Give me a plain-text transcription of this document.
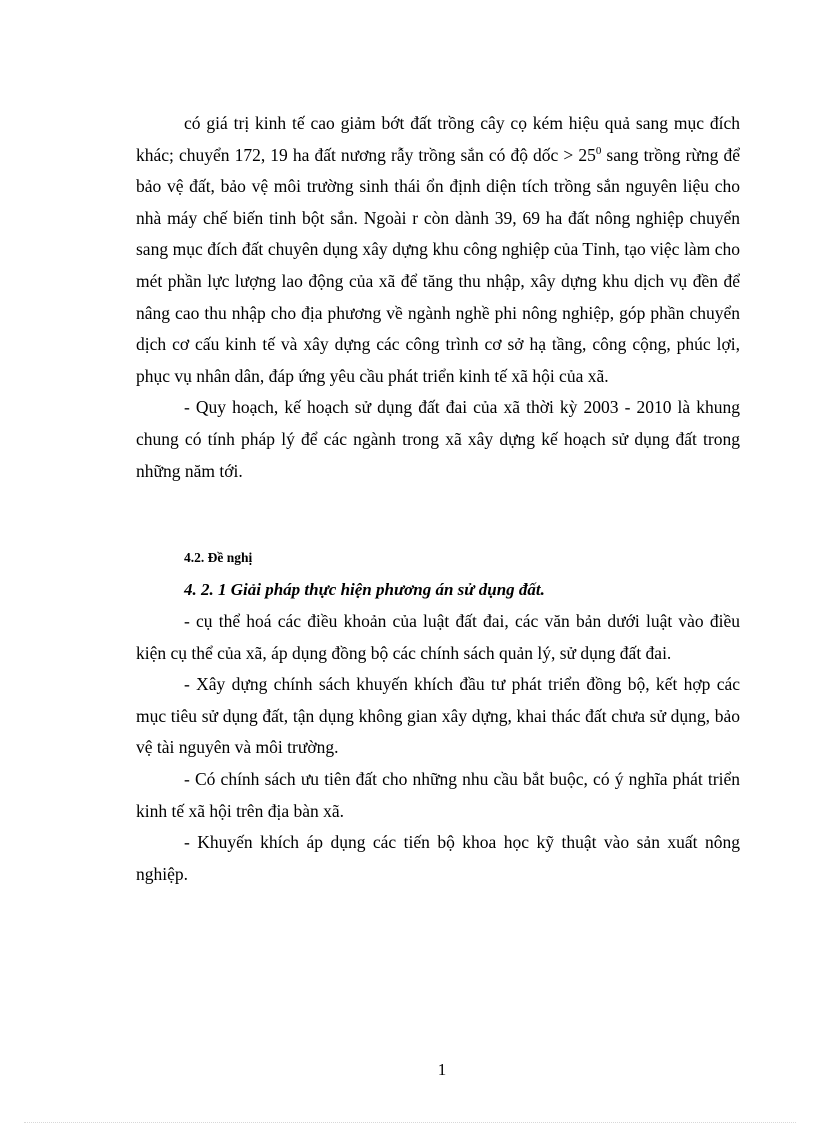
có giá trị kinh tế cao giảm bớt đất trồng cây cọ kém hiệu quả sang mục đích khác; chuyển 172, 19 ha đất nương rẫy trồng sắn có độ dốc > $25^0$ sang trồng rừng để bảo vệ đất, bảo vệ môi trường sinh thái ổn định diện tích trồng sắn nguyên liệu cho nhà máy chế biến tinh bột sắn. Ngoài r còn dành 39, 69 ha đất nông nghiệp chuyển sang mục đích đất chuyên dụng xây dựng khu công nghiệp của Tỉnh, tạo việc làm cho mét phần lực lượng lao động của xã để tăng thu nhập, xây dựng khu dịch vụ đền để nâng cao thu nhập cho địa phương về ngành nghề phi nông nghiệp, góp phần chuyển dịch cơ cấu kinh tế và xây dựng các công trình cơ sở hạ tầng, công cộng, phúc lợi, phục vụ nhân dân, đáp ứng yêu cầu phát triển kinh tế xã hội của xã.

- Quy hoạch, kế hoạch sử dụng đất đai của xã thời kỳ 2003 - 2010 là khung chung có tính pháp lý để các ngành trong xã xây dựng kế hoạch sử dụng đất trong những năm tới.

4.2. Đề nghị
4. 2. 1 Giải pháp thực hiện phương án sử dụng đất.

- cụ thể hoá các điều khoản của luật đất đai, các văn bản dưới luật vào điều kiện cụ thể của xã, áp dụng đồng bộ các chính sách quản lý, sử dụng đất đai.

- Xây dựng chính sách khuyến khích đầu tư phát triển đồng bộ, kết hợp các mục tiêu sử dụng đất, tận dụng không gian xây dựng, khai thác đất chưa sử dụng, bảo vệ tài nguyên và môi trường.

- Có chính sách ưu tiên đất cho những nhu cầu bắt buộc, có ý nghĩa phát triển kinh tế xã hội trên địa bàn xã.

- Khuyến khích áp dụng các tiến bộ khoa học kỹ thuật vào sản xuất nông nghiệp.

1
